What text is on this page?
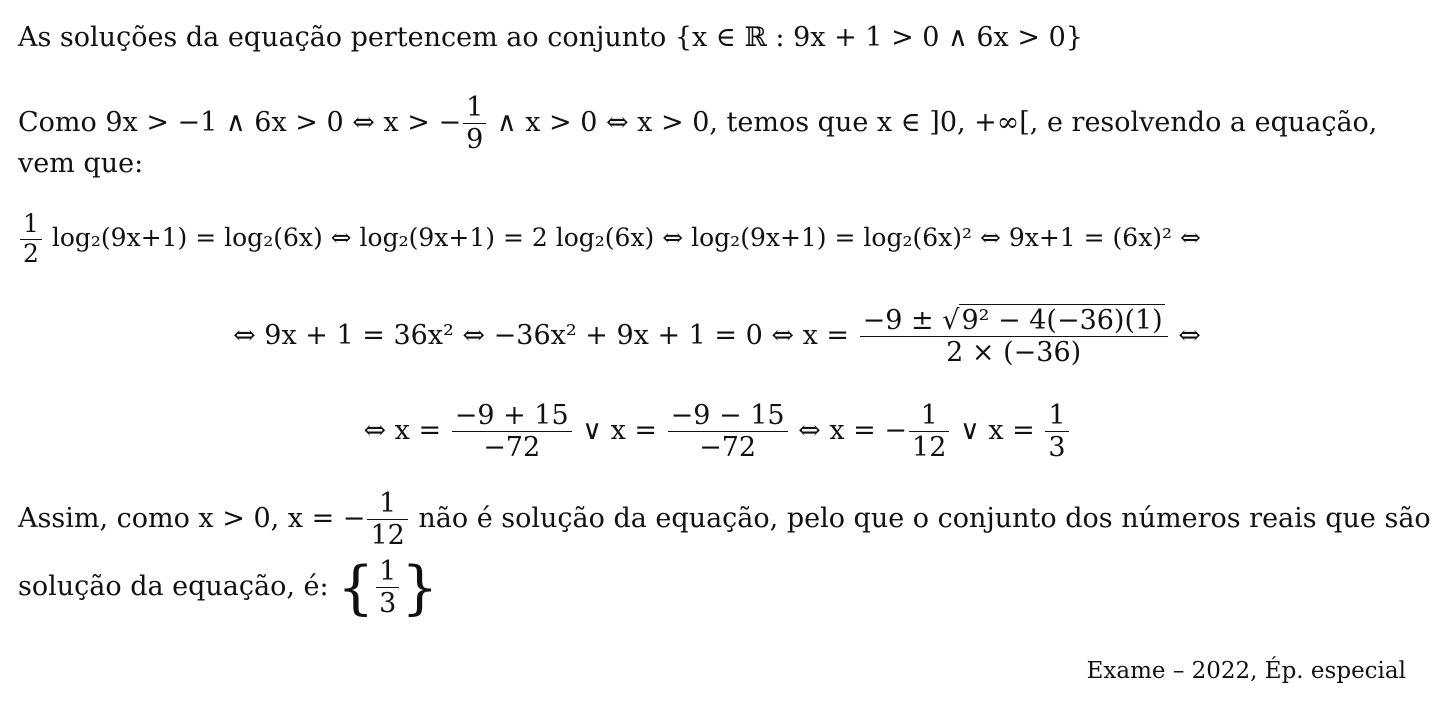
As soluções da equação pertencem ao conjunto {x ∈ ℝ : 9x + 1 > 0 ∧ 6x > 0}
Como 9x > −1 ∧ 6x > 0 ⇔ x > − $\frac{1}{9}$ ∧ x > 0 ⇔ x > 0, temos que x ∈ ]0, +∞[, e resolvendo a equação,
vem que:
$\frac{1}{2} \log_2(9x+1) = \log_2(6x)$ ⇔ log₂(9x+1) = 2 log₂(6x) ⇔ log₂(9x+1) = log₂(6x)² ⇔ 9x+1 = (6x)² ⇔
⇔ 9x + 1 = 36x² ⇔ −36x² + 9x + 1 = 0 ⇔ $x = \frac{\text{−9 ± √9² − 4(−36)(1)}}{2 \times (-36)}$ ⇔
⇔ $x = \frac{-9 + 15}{-72}$ ∨ $x = \frac{-9 - 15}{-72}$ ⇔ x = − $\frac{1}{12}$ ∨ $x = \frac{1}{3}$
Assim, como x > 0, x = − $\frac{1}{12}$ não é solução da equação, pelo que o conjunto dos números reais que são
solução da equação, é: { $\frac{1}{3}$ }
Exame – 2022, Ép. especial
